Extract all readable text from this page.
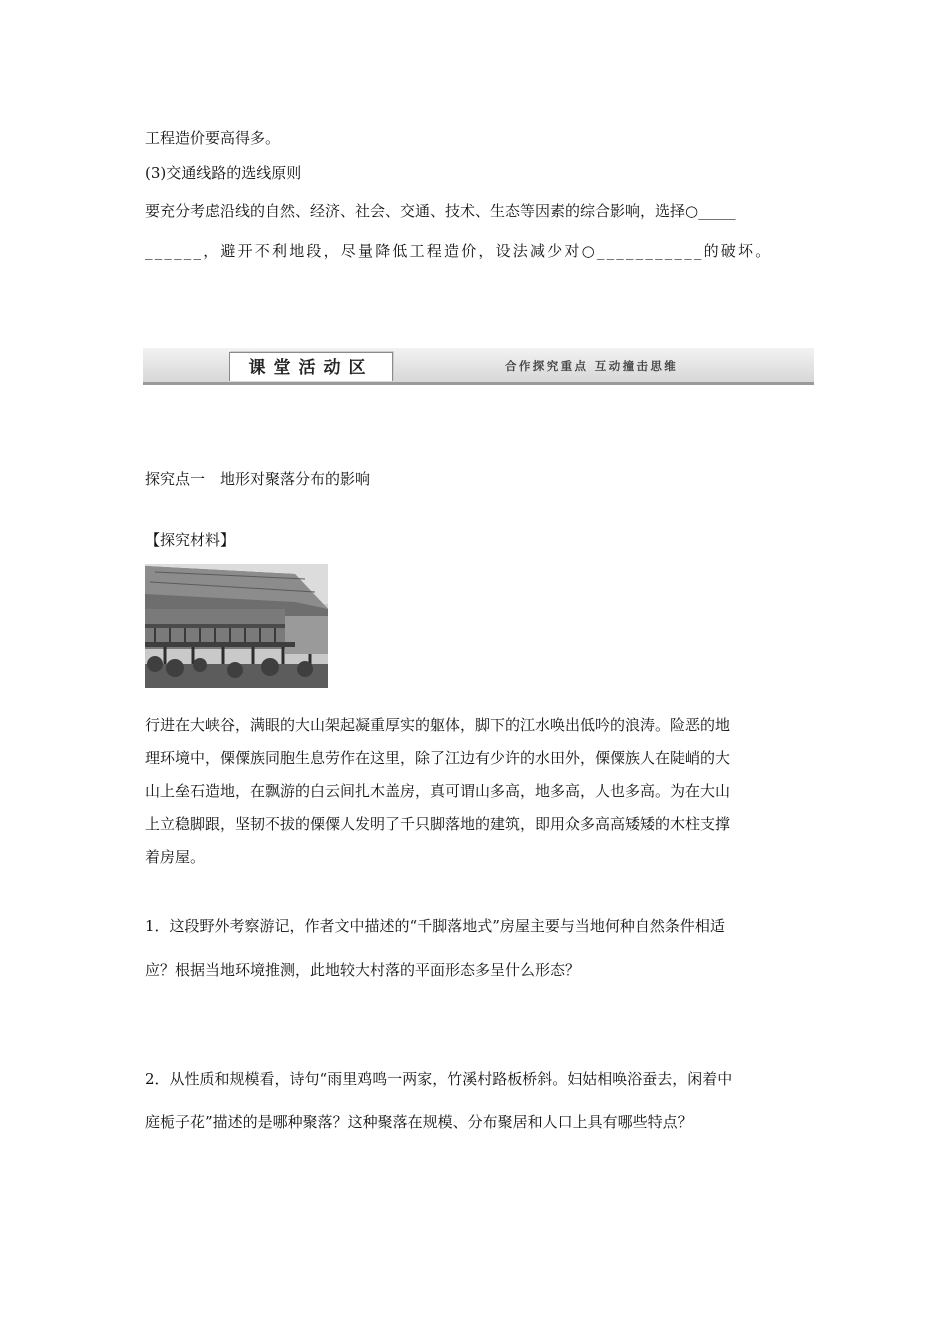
工程造价要高得多。
(3)交通线路的选线原则
要充分考虑沿线的自然、经济、社会、交通、技术、生态等因素的综合影响，选择○_____
______，避开不利地段，尽量降低工程造价，设法减少对○___________的破坏。
课堂活动区	合作探究重点 互动撞击思维
探究点一　地形对聚落分布的影响
【探究材料】
行进在大峡谷，满眼的大山架起凝重厚实的躯体，脚下的江水唤出低吟的浪涛。险恶的地
理环境中，傈僳族同胞生息劳作在这里，除了江边有少许的水田外，傈僳族人在陡峭的大
山上垒石造地，在飘游的白云间扎木盖房，真可谓山多高，地多高，人也多高。为在大山
上立稳脚跟，坚韧不拔的傈僳人发明了千只脚落地的建筑，即用众多高高矮矮的木柱支撑
着房屋。
1．这段野外考察游记，作者文中描述的“千脚落地式”房屋主要与当地何种自然条件相适
应？根据当地环境推测，此地较大村落的平面形态多呈什么形态？
2．从性质和规模看，诗句“雨里鸡鸣一两家，竹溪村路板桥斜。妇姑相唤浴蚕去，闲着中
庭栀子花”描述的是哪种聚落？这种聚落在规模、分布聚居和人口上具有哪些特点？
